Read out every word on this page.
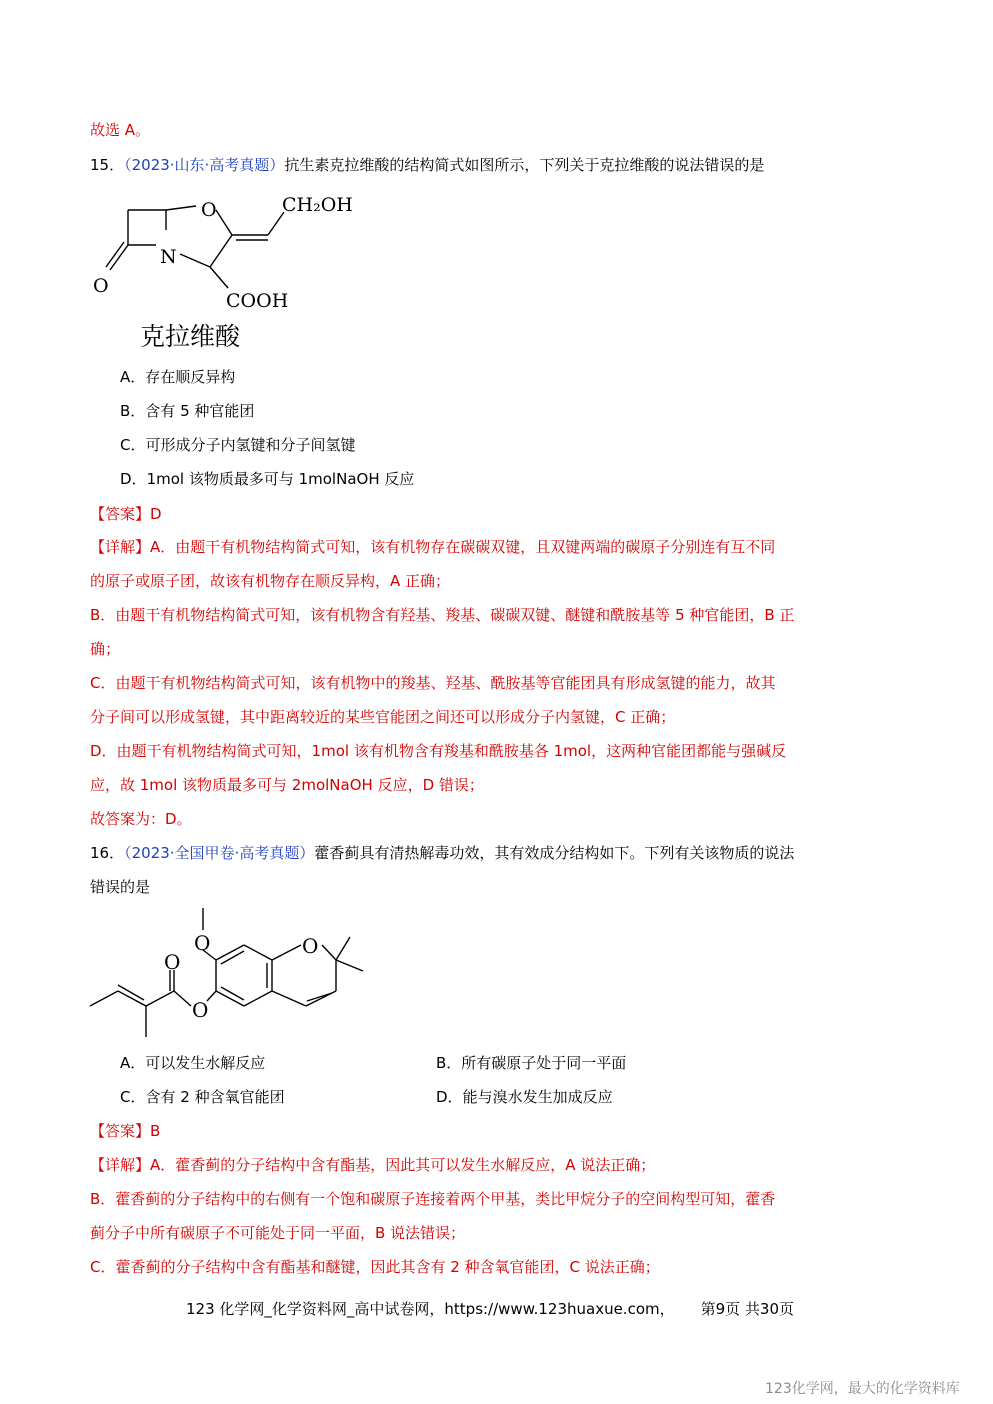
故选 A。
15．（2023·山东·高考真题）抗生素克拉维酸的结构简式如图所示，下列关于克拉维酸的说法错误的是
O
N
O
CH₂OH
COOH
克拉维酸
A．存在顺反异构
B．含有 5 种官能团
C．可形成分子内氢键和分子间氢键
D．1mol 该物质最多可与 1molNaOH 反应
【答案】D
【详解】A．由题干有机物结构简式可知，该有机物存在碳碳双键，且双键两端的碳原子分别连有互不同
的原子或原子团，故该有机物存在顺反异构，A 正确；
B．由题干有机物结构简式可知，该有机物含有羟基、羧基、碳碳双键、醚键和酰胺基等 5 种官能团，B 正
确；
C．由题干有机物结构简式可知，该有机物中的羧基、羟基、酰胺基等官能团具有形成氢键的能力，故其
分子间可以形成氢键，其中距离较近的某些官能团之间还可以形成分子内氢键，C 正确；
D．由题干有机物结构简式可知，1mol 该有机物含有羧基和酰胺基各 1mol，这两种官能团都能与强碱反
应，故 1mol 该物质最多可与 2molNaOH 反应，D 错误；
故答案为：D。
16．（2023·全国甲卷·高考真题）藿香蓟具有清热解毒功效，其有效成分结构如下。下列有关该物质的说法
错误的是
O	O
O
O
A．可以发生水解反应	B．所有碳原子处于同一平面
C．含有 2 种含氧官能团	D．能与溴水发生加成反应
【答案】B
【详解】A．藿香蓟的分子结构中含有酯基，因此其可以发生水解反应，A 说法正确；
B．藿香蓟的分子结构中的右侧有一个饱和碳原子连接着两个甲基，类比甲烷分子的空间构型可知，藿香
蓟分子中所有碳原子不可能处于同一平面，B 说法错误；
C．藿香蓟的分子结构中含有酯基和醚键，因此其含有 2 种含氧官能团，C 说法正确；
123 化学网_化学资料网_高中试卷网，https://www.123huaxue.com， 第9页 共30页
123化学网，最大的化学资料库
